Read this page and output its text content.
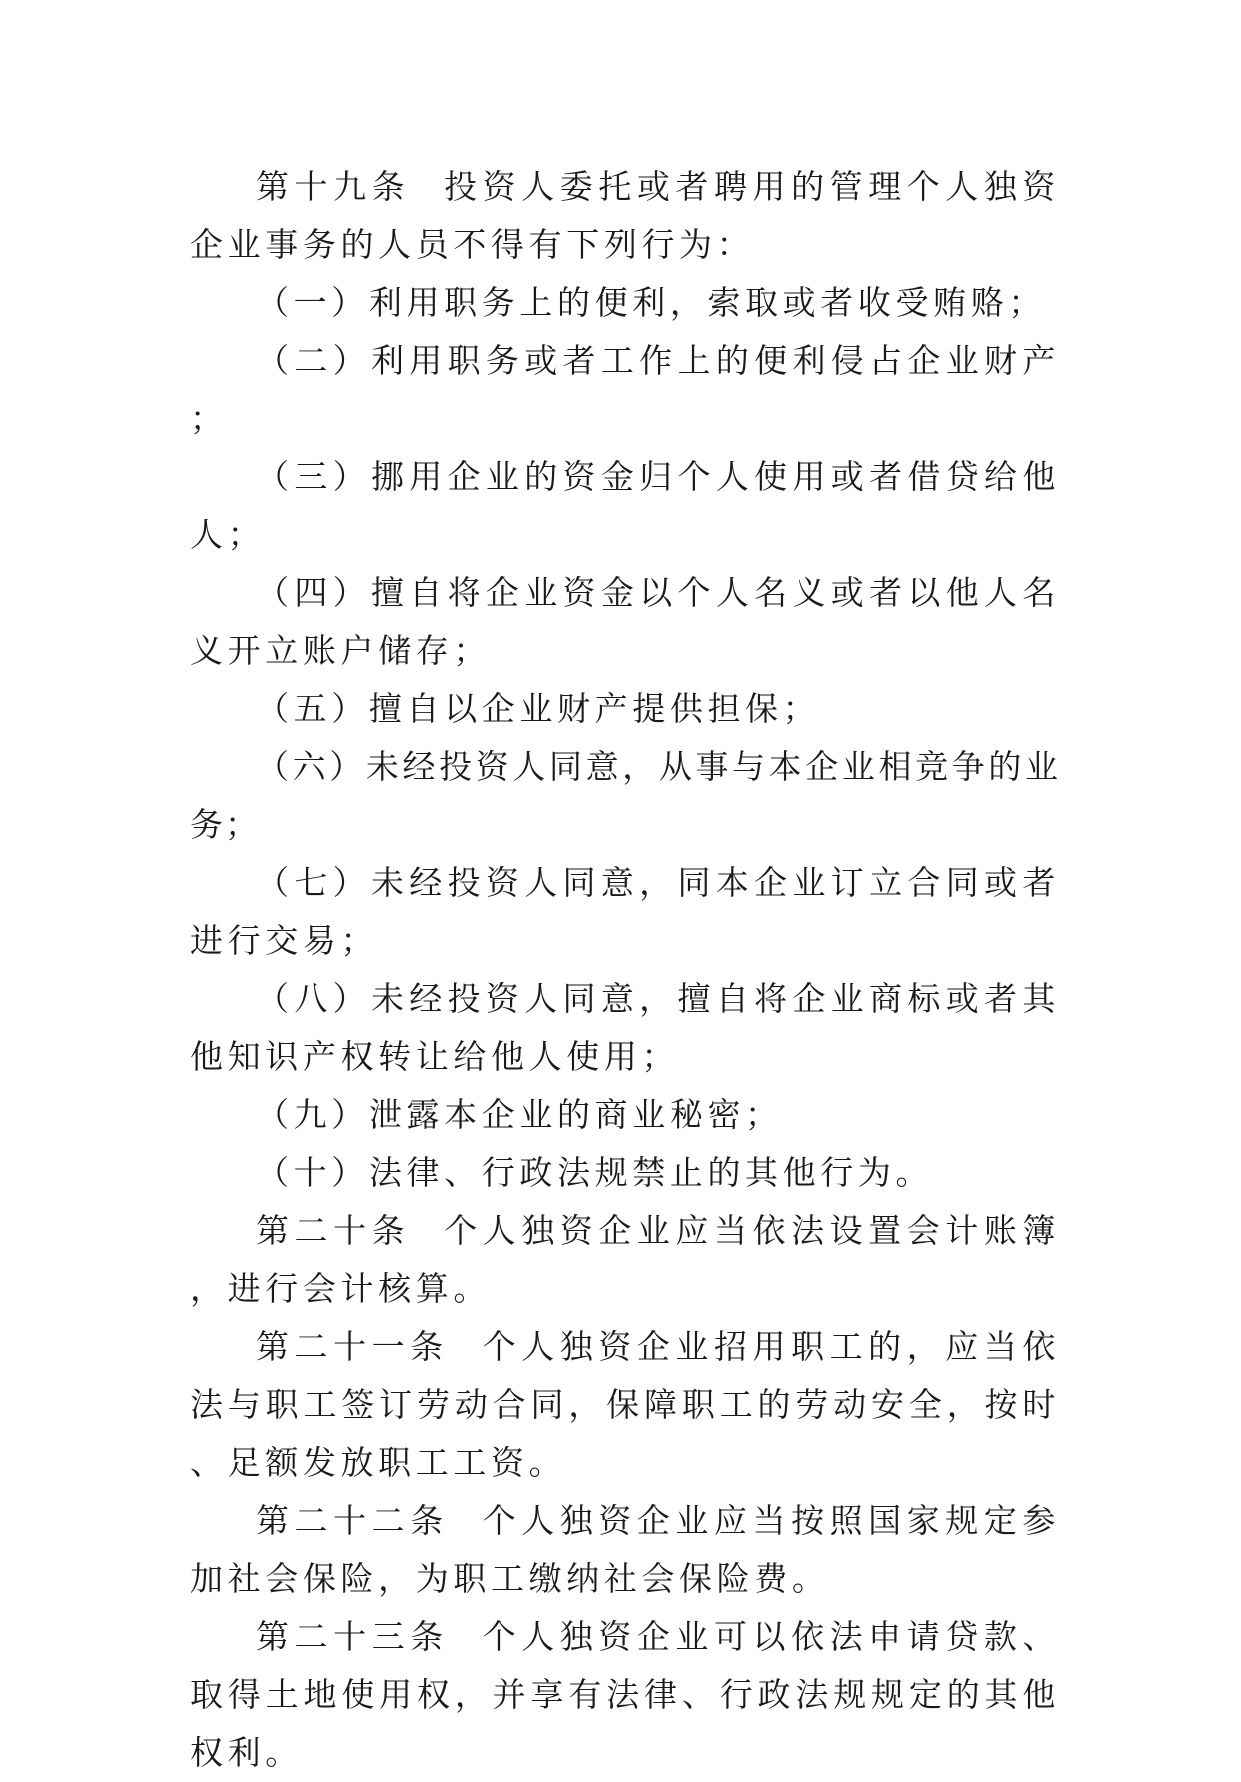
第十九条 投资人委托或者聘用的管理个人独资企业事务的人员不得有下列行为：

（一）利用职务上的便利，索取或者收受贿赂；

（二）利用职务或者工作上的便利侵占企业财产；

（三）挪用企业的资金归个人使用或者借贷给他人；

（四）擅自将企业资金以个人名义或者以他人名义开立账户储存；

（五）擅自以企业财产提供担保；

（六）未经投资人同意，从事与本企业相竞争的业务；

（七）未经投资人同意，同本企业订立合同或者进行交易；

（八）未经投资人同意，擅自将企业商标或者其他知识产权转让给他人使用；

（九）泄露本企业的商业秘密；

（十）法律、行政法规禁止的其他行为。

第二十条 个人独资企业应当依法设置会计账簿，进行会计核算。

第二十一条 个人独资企业招用职工的，应当依法与职工签订劳动合同，保障职工的劳动安全，按时、足额发放职工工资。

第二十二条 个人独资企业应当按照国家规定参加社会保险，为职工缴纳社会保险费。

第二十三条 个人独资企业可以依法申请贷款、取得土地使用权，并享有法律、行政法规规定的其他权利。
